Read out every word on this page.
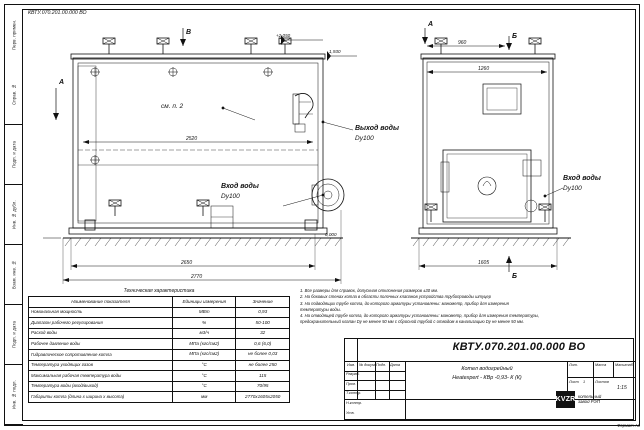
КВТУ.070.201.00.000 ВО
Перв. примен.
Справ. №
Подп. и дата
Инв. № дубл.
Взам. инв. №
Подп. и дата
Инв. № подл.
А
В
А
Б
Б
+2,050
1,930
0,000
2520
2650
2770
960
1260
1605
см. п. 2
Выход воды
Dy100
Вход воды
Dy100
Вход воды
Dy100
Техническая характеристика
Наименование показателя	Единицы измерения	Значение
Номинальная мощность	МВт	0,93
Диапазон рабочего регулирования	%	50-100
Расход воды	м3/ч	32
Рабочее давление воды	МПа (кгс/см2)	0,6 (6,0)
Гидравлическое сопротивление котла	МПа (кгс/см2)	не более 0,03
Температура уходящих газов	°С	не более 250
Максимальная рабочая температура воды	°С	115
Температура воды (вход/выход)	°С	70/95
Габариты котла (длина х ширина х высота)	мм	2770х1605х2050
1. Все размеры для справок, допускная отклонения размеров ±30 мм.
2. На боковых стенах котла в области полочных клапанов устройства трубопроводы штуцер
3. На подводящих трубе котла, до которого арматуры установлены: манометр, прибор для измерения
температуры воды.
4. На отводящей трубе котла, до которого арматуры установлены: манометр, прибор для измерения температуры,
предохранительный клапан Dy не менее 50 мм с сбросной трубой с отводом в канализацию Dy не менее 50 мм.
КВТУ.070.201.00.000 ВО
Изм. № докум. Подп. Дата
Разраб.
Пров.
Т.контр.
Н.контр.
Утв.
Котел водогрейный
Heatexpert - КВр -0,93- К (К)
Лит.	Масса Масштаб
1:15
Лист 1	Листов
KVZR котельный
завод РЭП
Формат А3
